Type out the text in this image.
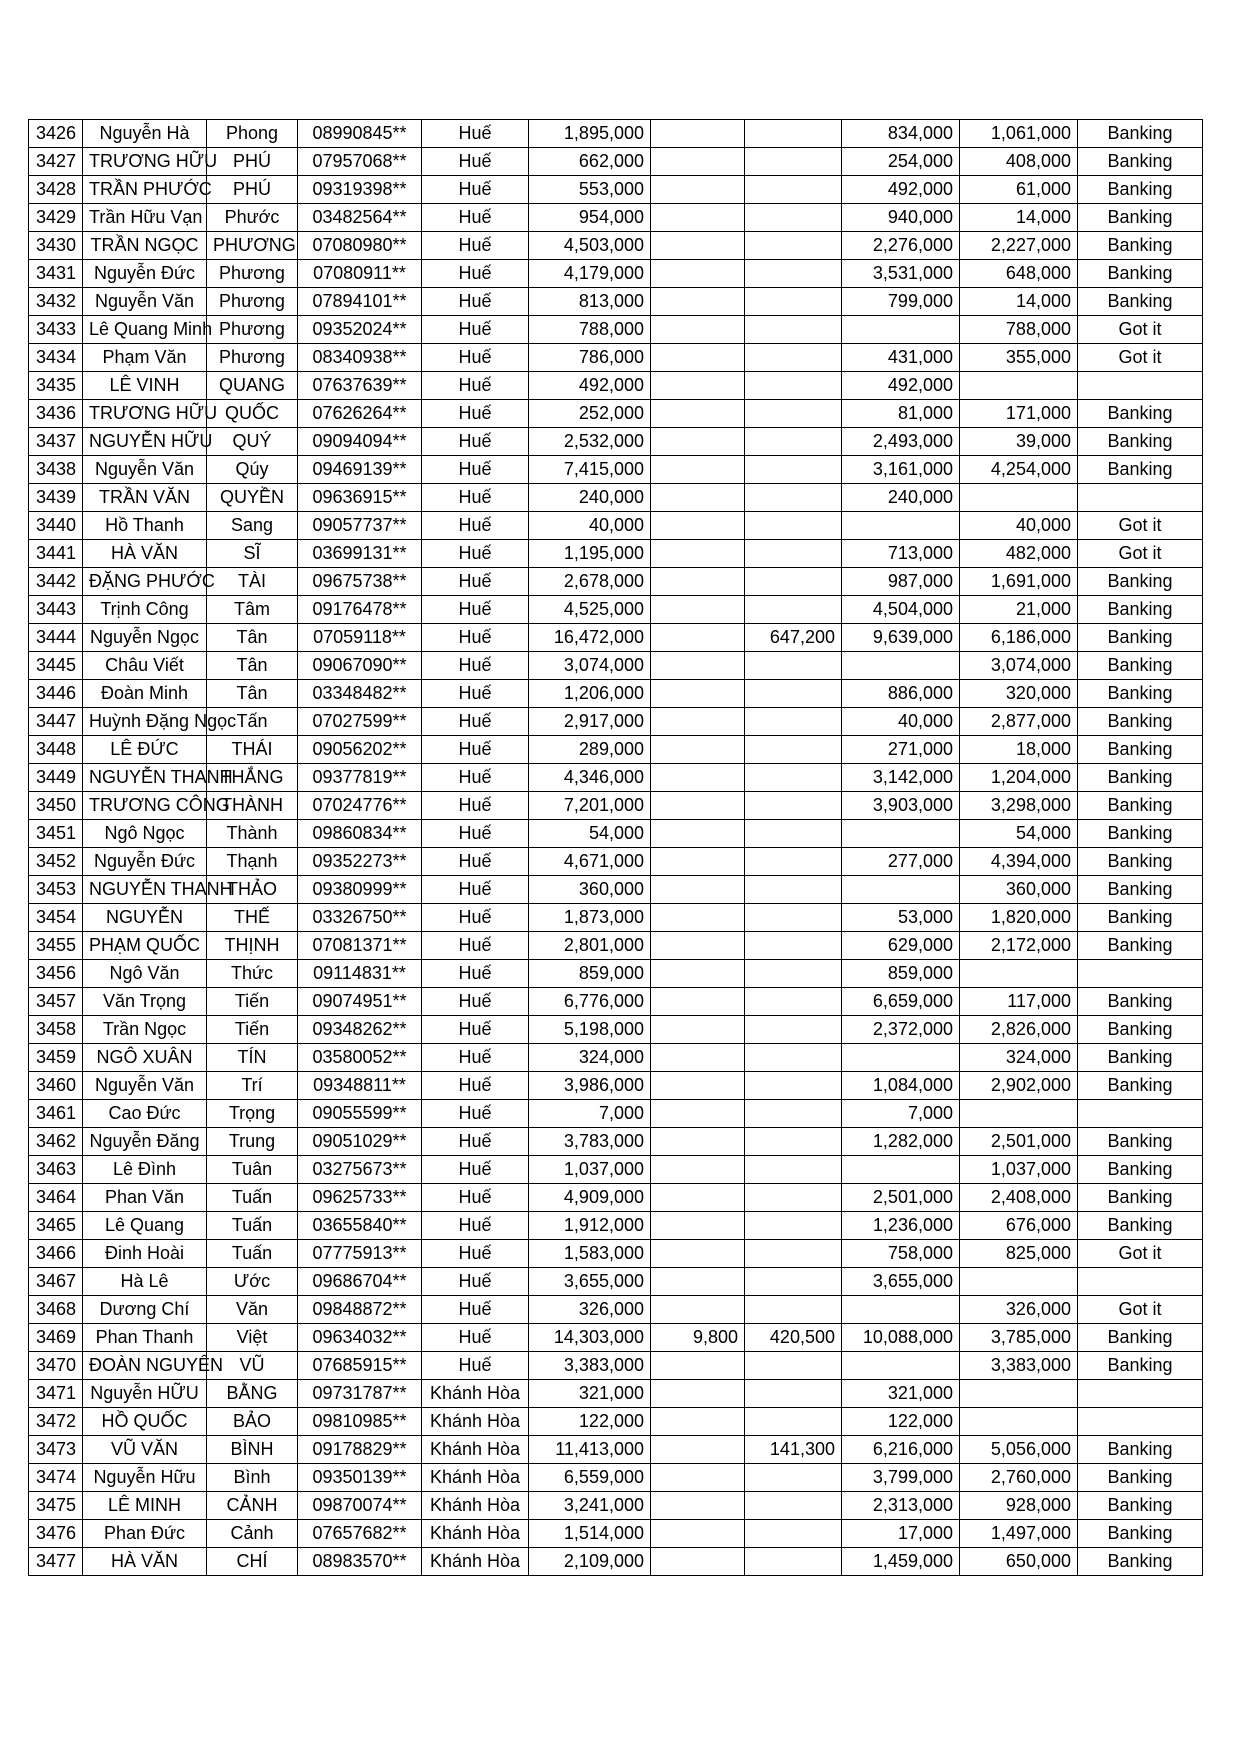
3426	Nguyễn Hà	Phong	08990845**	Huế	1,895,000			834,000	1,061,000	Banking
3427	TRƯƠNG HỮU	PHÚ	07957068**	Huế	662,000			254,000	408,000	Banking
3428	TRẦN PHƯỚC	PHÚ	09319398**	Huế	553,000			492,000	61,000	Banking
3429	Trần Hữu Vạn	Phước	03482564**	Huế	954,000			940,000	14,000	Banking
3430	TRẦN NGỌC	PHƯƠNG	07080980**	Huế	4,503,000			2,276,000	2,227,000	Banking
3431	Nguyễn Đức	Phương	07080911**	Huế	4,179,000			3,531,000	648,000	Banking
3432	Nguyễn Văn	Phương	07894101**	Huế	813,000			799,000	14,000	Banking
3433	Lê Quang Minh	Phương	09352024**	Huế	788,000				788,000	Got it
3434	Phạm Văn	Phương	08340938**	Huế	786,000			431,000	355,000	Got it
3435	LÊ VINH	QUANG	07637639**	Huế	492,000			492,000		
3436	TRƯƠNG HỮU	QUỐC	07626264**	Huế	252,000			81,000	171,000	Banking
3437	NGUYỄN HỮU	QUÝ	09094094**	Huế	2,532,000			2,493,000	39,000	Banking
3438	Nguyễn Văn	Qúy	09469139**	Huế	7,415,000			3,161,000	4,254,000	Banking
3439	TRẦN VĂN	QUYỀN	09636915**	Huế	240,000			240,000		
3440	Hồ Thanh	Sang	09057737**	Huế	40,000				40,000	Got it
3441	HÀ VĂN	SĨ	03699131**	Huế	1,195,000			713,000	482,000	Got it
3442	ĐẶNG PHƯỚC	TÀI	09675738**	Huế	2,678,000			987,000	1,691,000	Banking
3443	Trịnh Công	Tâm	09176478**	Huế	4,525,000			4,504,000	21,000	Banking
3444	Nguyễn Ngọc	Tân	07059118**	Huế	16,472,000		647,200	9,639,000	6,186,000	Banking
3445	Châu Viết	Tân	09067090**	Huế	3,074,000				3,074,000	Banking
3446	Đoàn Minh	Tân	03348482**	Huế	1,206,000			886,000	320,000	Banking
3447	Huỳnh Đặng Ngọc	Tấn	07027599**	Huế	2,917,000			40,000	2,877,000	Banking
3448	LÊ ĐỨC	THÁI	09056202**	Huế	289,000			271,000	18,000	Banking
3449	NGUYỄN THANH	THẮNG	09377819**	Huế	4,346,000			3,142,000	1,204,000	Banking
3450	TRƯƠNG CÔNG	THÀNH	07024776**	Huế	7,201,000			3,903,000	3,298,000	Banking
3451	Ngô Ngọc	Thành	09860834**	Huế	54,000				54,000	Banking
3452	Nguyễn Đức	Thạnh	09352273**	Huế	4,671,000			277,000	4,394,000	Banking
3453	NGUYỄN THANH	THẢO	09380999**	Huế	360,000				360,000	Banking
3454	NGUYỄN	THẾ	03326750**	Huế	1,873,000			53,000	1,820,000	Banking
3455	PHẠM QUỐC	THỊNH	07081371**	Huế	2,801,000			629,000	2,172,000	Banking
3456	Ngô Văn	Thức	09114831**	Huế	859,000			859,000		
3457	Văn Trọng	Tiến	09074951**	Huế	6,776,000			6,659,000	117,000	Banking
3458	Trần Ngọc	Tiến	09348262**	Huế	5,198,000			2,372,000	2,826,000	Banking
3459	NGÔ XUÂN	TÍN	03580052**	Huế	324,000				324,000	Banking
3460	Nguyễn Văn	Trí	09348811**	Huế	3,986,000			1,084,000	2,902,000	Banking
3461	Cao Đức	Trọng	09055599**	Huế	7,000			7,000		
3462	Nguyễn Đăng	Trung	09051029**	Huế	3,783,000			1,282,000	2,501,000	Banking
3463	Lê Đình	Tuân	03275673**	Huế	1,037,000				1,037,000	Banking
3464	Phan Văn	Tuấn	09625733**	Huế	4,909,000			2,501,000	2,408,000	Banking
3465	Lê Quang	Tuấn	03655840**	Huế	1,912,000			1,236,000	676,000	Banking
3466	Đinh Hoài	Tuấn	07775913**	Huế	1,583,000			758,000	825,000	Got it
3467	Hà Lê	Ước	09686704**	Huế	3,655,000			3,655,000		
3468	Dương Chí	Văn	09848872**	Huế	326,000				326,000	Got it
3469	Phan Thanh	Việt	09634032**	Huế	14,303,000	9,800	420,500	10,088,000	3,785,000	Banking
3470	ĐOÀN NGUYÊN	VŨ	07685915**	Huế	3,383,000				3,383,000	Banking
3471	Nguyễn HỮU	BẰNG	09731787**	Khánh Hòa	321,000			321,000		
3472	HỒ QUỐC	BẢO	09810985**	Khánh Hòa	122,000			122,000		
3473	VŨ VĂN	BÌNH	09178829**	Khánh Hòa	11,413,000		141,300	6,216,000	5,056,000	Banking
3474	Nguyễn Hữu	Bình	09350139**	Khánh Hòa	6,559,000			3,799,000	2,760,000	Banking
3475	LÊ MINH	CẢNH	09870074**	Khánh Hòa	3,241,000			2,313,000	928,000	Banking
3476	Phan Đức	Cảnh	07657682**	Khánh Hòa	1,514,000			17,000	1,497,000	Banking
3477	HÀ VĂN	CHÍ	08983570**	Khánh Hòa	2,109,000			1,459,000	650,000	Banking
